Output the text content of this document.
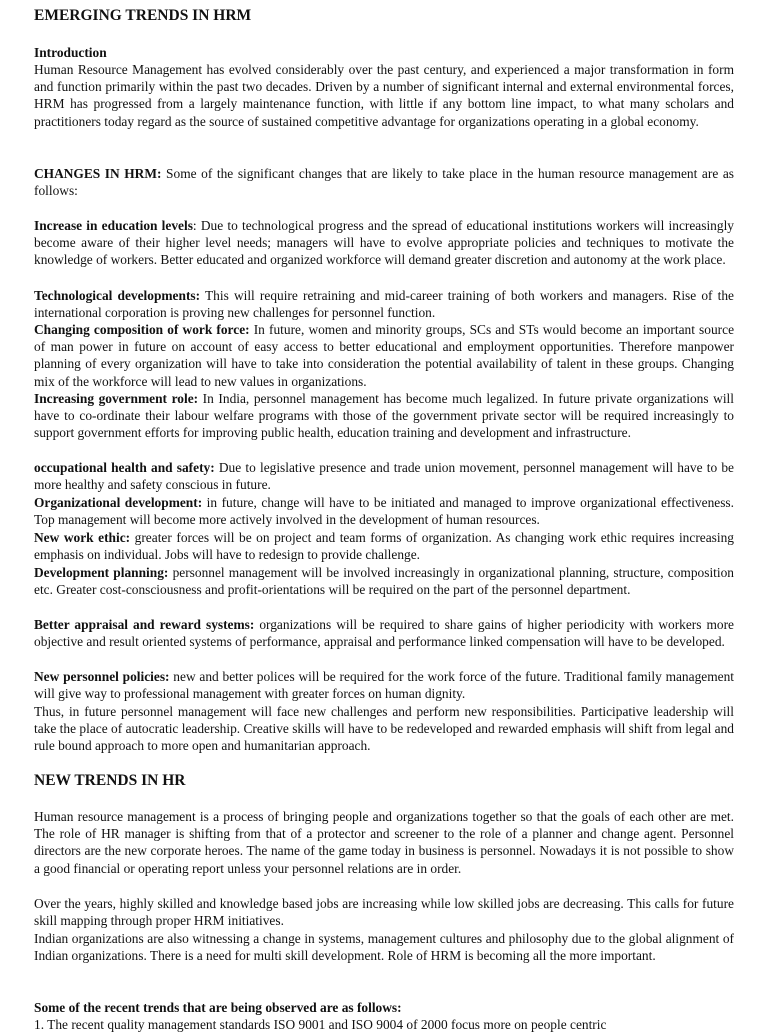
EMERGING TRENDS IN HRM
Introduction

Human Resource Management has evolved considerably over the past century, and experienced a major transformation in form and function primarily within the past two decades. Driven by a number of significant internal and external environmental forces, HRM has progressed from a largely maintenance function, with little if any bottom line impact, to what many scholars and practitioners today regard as the source of sustained competitive advantage for organizations operating in a global economy.

CHANGES IN HRM: Some of the significant changes that are likely to take place in the human resource management are as follows:

Increase in education levels: Due to technological progress and the spread of educational institutions workers will increasingly become aware of their higher level needs; managers will have to evolve appropriate policies and techniques to motivate the knowledge of workers. Better educated and organized workforce will demand greater discretion and autonomy at the work place.

Technological developments: This will require retraining and mid-career training of both workers and managers. Rise of the international corporation is proving new challenges for personnel function.

Changing composition of work force: In future, women and minority groups, SCs and STs would become an important source of man power in future on account of easy access to better educational and employment opportunities. Therefore manpower planning of every organization will have to take into consideration the potential availability of talent in these groups. Changing mix of the workforce will lead to new values in organizations.

Increasing government role: In India, personnel management has become much legalized. In future private organizations will have to co-ordinate their labour welfare programs with those of the government private sector will be required increasingly to support government efforts for improving public health, education training and development and infrastructure.

occupational health and safety: Due to legislative presence and trade union movement, personnel management will have to be more healthy and safety conscious in future.

Organizational development: in future, change will have to be initiated and managed to improve organizational effectiveness. Top management will become more actively involved in the development of human resources.

New work ethic: greater forces will be on project and team forms of organization. As changing work ethic requires increasing emphasis on individual. Jobs will have to redesign to provide challenge.

Development planning: personnel management will be involved increasingly in organizational planning, structure, composition etc. Greater cost-consciousness and profit-orientations will be required on the part of the personnel department.

Better appraisal and reward systems: organizations will be required to share gains of higher periodicity with workers more objective and result oriented systems of performance, appraisal and performance linked compensation will have to be developed.

New personnel policies: new and better polices will be required for the work force of the future. Traditional family management will give way to professional management with greater forces on human dignity.

Thus, in future personnel management will face new challenges and perform new responsibilities. Participative leadership will take the place of autocratic leadership. Creative skills will have to be redeveloped and rewarded emphasis will shift from legal and rule bound approach to more open and humanitarian approach.

NEW TRENDS IN HR

Human resource management is a process of bringing people and organizations together so that the goals of each other are met. The role of HR manager is shifting from that of a protector and screener to the role of a planner and change agent. Personnel directors are the new corporate heroes. The name of the game today in business is personnel. Nowadays it is not possible to show a good financial or operating report unless your personnel relations are in order.

Over the years, highly skilled and knowledge based jobs are increasing while low skilled jobs are decreasing. This calls for future skill mapping through proper HRM initiatives.

Indian organizations are also witnessing a change in systems, management cultures and philosophy due to the global alignment of Indian organizations. There is a need for multi skill development. Role of HRM is becoming all the more important.

Some of the recent trends that are being observed are as follows:
1. The recent quality management standards ISO 9001 and ISO 9004 of 2000 focus more on people centric
